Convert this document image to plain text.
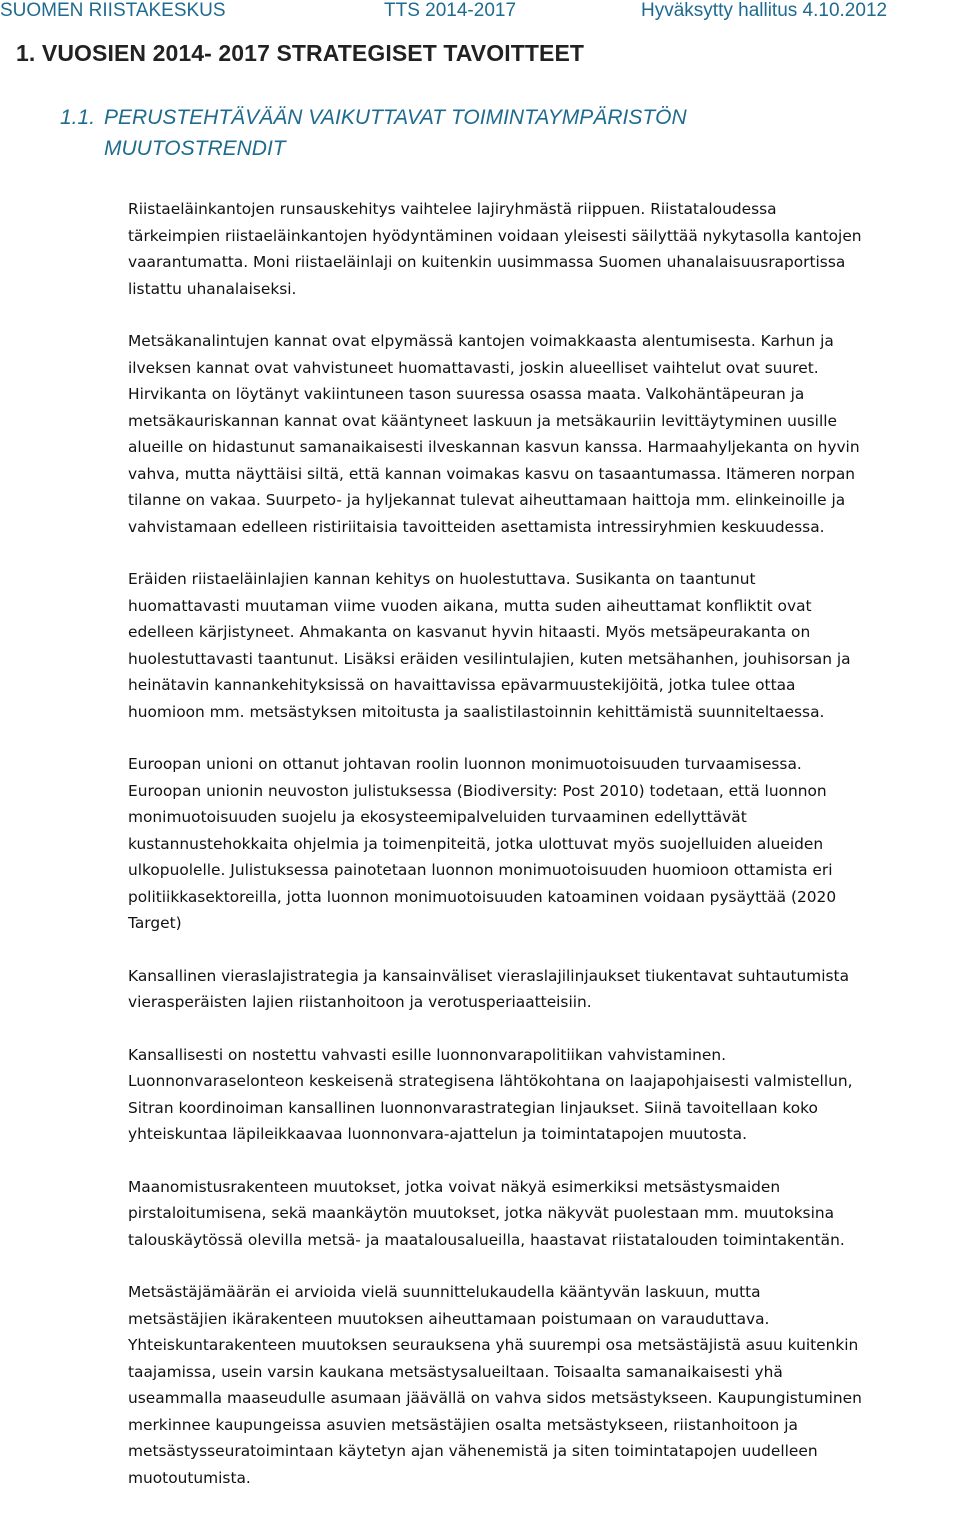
SUOMEN RIISTAKESKUS	TTS 2014-2017	Hyväksytty hallitus 4.10.2012
1. VUOSIEN 2014- 2017 STRATEGISET TAVOITTEET
1.1. PERUSTEHTÄVÄÄN VAIKUTTAVAT TOIMINTAYMPÄRISTÖN
MUUTOSTRENDIT
Riistaeläinkantojen runsauskehitys vaihtelee lajiryhmästä riippuen. Riistataloudessa
tärkeimpien riistaeläinkantojen hyödyntäminen voidaan yleisesti säilyttää nykytasolla kantojen
vaarantumatta. Moni riistaeläinlaji on kuitenkin uusimmassa Suomen uhanalaisuusraportissa
listattu uhanalaiseksi.
Metsäkanalintujen kannat ovat elpymässä kantojen voimakkaasta alentumisesta. Karhun ja
ilveksen kannat ovat vahvistuneet huomattavasti, joskin alueelliset vaihtelut ovat suuret.
Hirvikanta on löytänyt vakiintuneen tason suuressa osassa maata. Valkohäntäpeuran ja
metsäkauriskannan kannat ovat kääntyneet laskuun ja metsäkauriin levittäytyminen uusille
alueille on hidastunut samanaikaisesti ilveskannan kasvun kanssa. Harmaahyljekanta on hyvin
vahva, mutta näyttäisi siltä, että kannan voimakas kasvu on tasaantumassa. Itämeren norpan
tilanne on vakaa. Suurpeto- ja hyljekannat tulevat aiheuttamaan haittoja mm. elinkeinoille ja
vahvistamaan edelleen ristiriitaisia tavoitteiden asettamista intressiryhmien keskuudessa.
Eräiden riistaeläinlajien kannan kehitys on huolestuttava. Susikanta on taantunut
huomattavasti muutaman viime vuoden aikana, mutta suden aiheuttamat konfliktit ovat
edelleen kärjistyneet. Ahmakanta on kasvanut hyvin hitaasti. Myös metsäpeurakanta on
huolestuttavasti taantunut. Lisäksi eräiden vesilintulajien, kuten metsähanhen, jouhisorsan ja
heinätavin kannankehityksissä on havaittavissa epävarmuustekijöitä, jotka tulee ottaa
huomioon mm. metsästyksen mitoitusta ja saalistilastoinnin kehittämistä suunniteltaessa.
Euroopan unioni on ottanut johtavan roolin luonnon monimuotoisuuden turvaamisessa.
Euroopan unionin neuvoston julistuksessa (Biodiversity: Post 2010) todetaan, että luonnon
monimuotoisuuden suojelu ja ekosysteemipalveluiden turvaaminen edellyttävät
kustannustehokkaita ohjelmia ja toimenpiteitä, jotka ulottuvat myös suojelluiden alueiden
ulkopuolelle. Julistuksessa painotetaan luonnon monimuotoisuuden huomioon ottamista eri
politiikkasektoreilla, jotta luonnon monimuotoisuuden katoaminen voidaan pysäyttää (2020
Target)
Kansallinen vieraslajistrategia ja kansainväliset vieraslajilinjaukset tiukentavat suhtautumista
vierasperäisten lajien riistanhoitoon ja verotusperiaatteisiin.
Kansallisesti on nostettu vahvasti esille luonnonvarapolitiikan vahvistaminen.
Luonnonvaraselonteon keskeisenä strategisena lähtökohtana on laajapohjaisesti valmistellun,
Sitran koordinoiman kansallinen luonnonvarastrategian linjaukset. Siinä tavoitellaan koko
yhteiskuntaa läpileikkaavaa luonnonvara-ajattelun ja toimintatapojen muutosta.
Maanomistusrakenteen muutokset, jotka voivat näkyä esimerkiksi metsästysmaiden
pirstaloitumisena, sekä maankäytön muutokset, jotka näkyvät puolestaan mm. muutoksina
talouskäytössä olevilla metsä- ja maatalousalueilla, haastavat riistatalouden toimintakentän.
Metsästäjämäärän ei arvioida vielä suunnittelukaudella kääntyvän laskuun, mutta
metsästäjien ikärakenteen muutoksen aiheuttamaan poistumaan on varauduttava.
Yhteiskuntarakenteen muutoksen seurauksena yhä suurempi osa metsästäjistä asuu kuitenkin
taajamissa, usein varsin kaukana metsästysalueiltaan. Toisaalta samanaikaisesti yhä
useammalla maaseudulle asumaan jäävällä on vahva sidos metsästykseen. Kaupungistuminen
merkinnee kaupungeissa asuvien metsästäjien osalta metsästykseen, riistanhoitoon ja
metsästysseuratoimintaan käytetyn ajan vähenemistä ja siten toimintatapojen uudelleen
muotoutumista.
